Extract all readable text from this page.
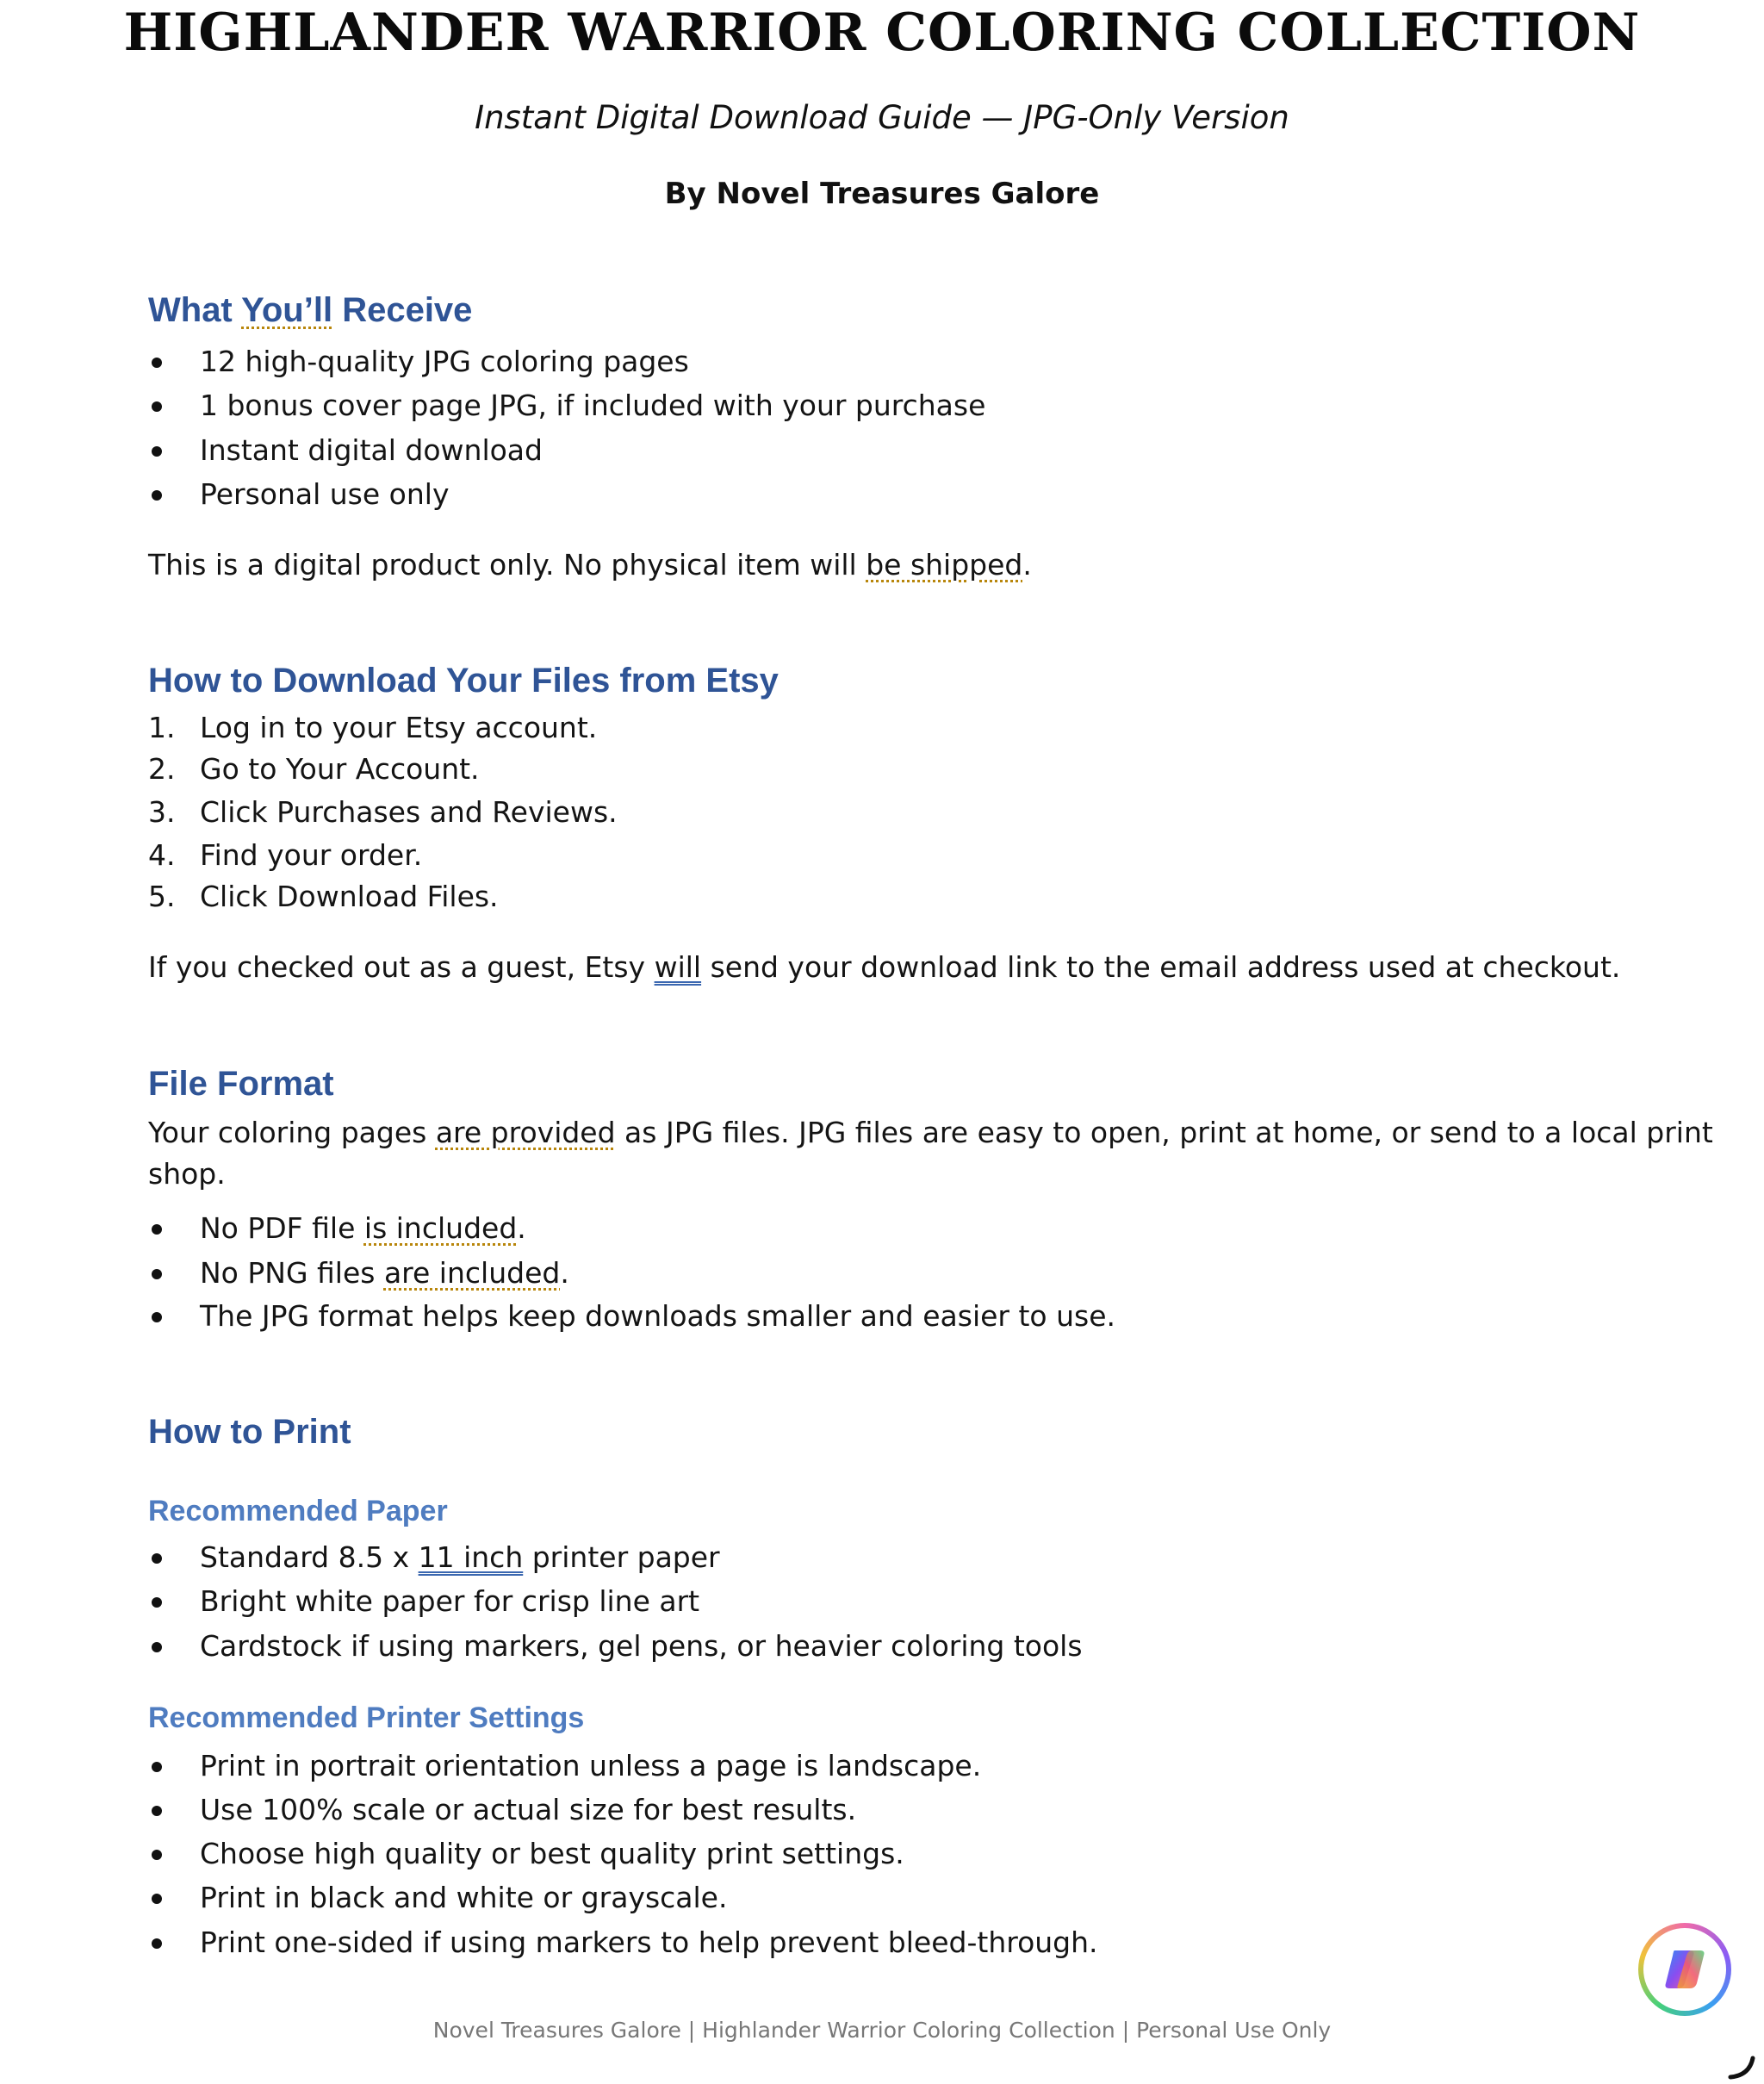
HIGHLANDER WARRIOR COLORING COLLECTION
Instant Digital Download Guide — JPG-Only Version
By Novel Treasures Galore
What You’ll Receive
12 high-quality JPG coloring pages
1 bonus cover page JPG, if included with your purchase
Instant digital download
Personal use only
This is a digital product only. No physical item will be shipped.
How to Download Your Files from Etsy
1. Log in to your Etsy account.
2. Go to Your Account.
3. Click Purchases and Reviews.
4. Find your order.
5. Click Download Files.
If you checked out as a guest, Etsy will send your download link to the email address used at checkout.
File Format
Your coloring pages are provided as JPG files. JPG files are easy to open, print at home, or send to a local print
shop.
No PDF file is included.
No PNG files are included.
The JPG format helps keep downloads smaller and easier to use.
How to Print
Recommended Paper
Standard 8.5 x 11 inch printer paper
Bright white paper for crisp line art
Cardstock if using markers, gel pens, or heavier coloring tools
Recommended Printer Settings
Print in portrait orientation unless a page is landscape.
Use 100% scale or actual size for best results.
Choose high quality or best quality print settings.
Print in black and white or grayscale.
Print one-sided if using markers to help prevent bleed-through.
Novel Treasures Galore | Highlander Warrior Coloring Collection | Personal Use Only
